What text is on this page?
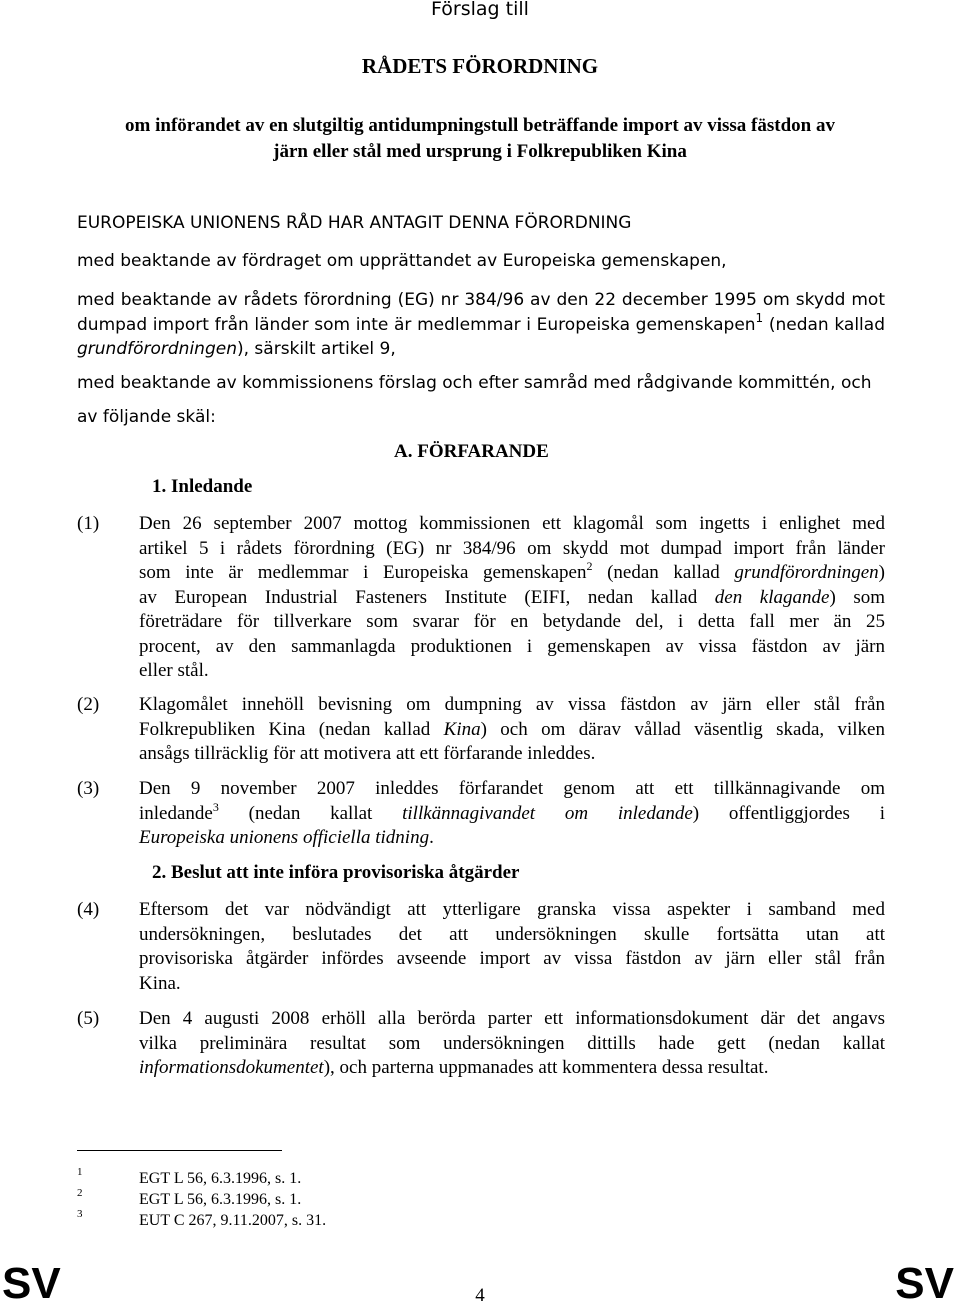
Förslag till
RÅDETS FÖRORDNING
om införandet av en slutgiltig antidumpningstull beträffande import av vissa fästdon av
järn eller stål med ursprung i Folkrepubliken Kina
EUROPEISKA UNIONENS RÅD HAR ANTAGIT DENNA FÖRORDNING
med beaktande av fördraget om upprättandet av Europeiska gemenskapen,
med beaktande av rådets förordning (EG) nr 384/96 av den 22 december 1995 om skydd mot
dumpad import från länder som inte är medlemmar i Europeiska gemenskapen$^1$ (nedan kallad
grundförordningen), särskilt artikel 9,
med beaktande av kommissionens förslag och efter samråd med rådgivande kommittén, och
av följande skäl:
A. FÖRFARANDE
1. Inledande
(1) Den 26 september 2007 mottog kommissionen ett klagomål som ingetts i enlighet med
artikel 5 i rådets förordning (EG) nr 384/96 om skydd mot dumpad import från länder
som inte är medlemmar i Europeiska gemenskapen$^2$ (nedan kallad grundförordningen)
av European Industrial Fasteners Institute (EIFI, nedan kallad den klagande) som
företrädare för tillverkare som svarar för en betydande del, i detta fall mer än 25
procent, av den sammanlagda produktionen i gemenskapen av vissa fästdon av järn
eller stål.
(2) Klagomålet innehöll bevisning om dumpning av vissa fästdon av järn eller stål från
Folkrepubliken Kina (nedan kallad Kina) och om därav vållad väsentlig skada, vilken
ansågs tillräcklig för att motivera att ett förfarande inleddes.
(3) Den 9 november 2007 inleddes förfarandet genom att ett tillkännagivande om
inledande$^3$ (nedan kallat tillkännagivandet om inledande) offentliggjordes i
Europeiska unionens officiella tidning.
2. Beslut att inte införa provisoriska åtgärder
(4) Eftersom det var nödvändigt att ytterligare granska vissa aspekter i samband med
undersökningen, beslutades det att undersökningen skulle fortsätta utan att
provisoriska åtgärder infördes avseende import av vissa fästdon av järn eller stål från
Kina.
(5) Den 4 augusti 2008 erhöll alla berörda parter ett informationsdokument där det angavs
vilka preliminära resultat som undersökningen dittills hade gett (nedan kallat
informationsdokumentet), och parterna uppmanades att kommentera dessa resultat.
1	EGT L 56, 6.3.1996, s. 1.
2	EGT L 56, 6.3.1996, s. 1.
3	EUT C 267, 9.11.2007, s. 31.
SV	4	SV
